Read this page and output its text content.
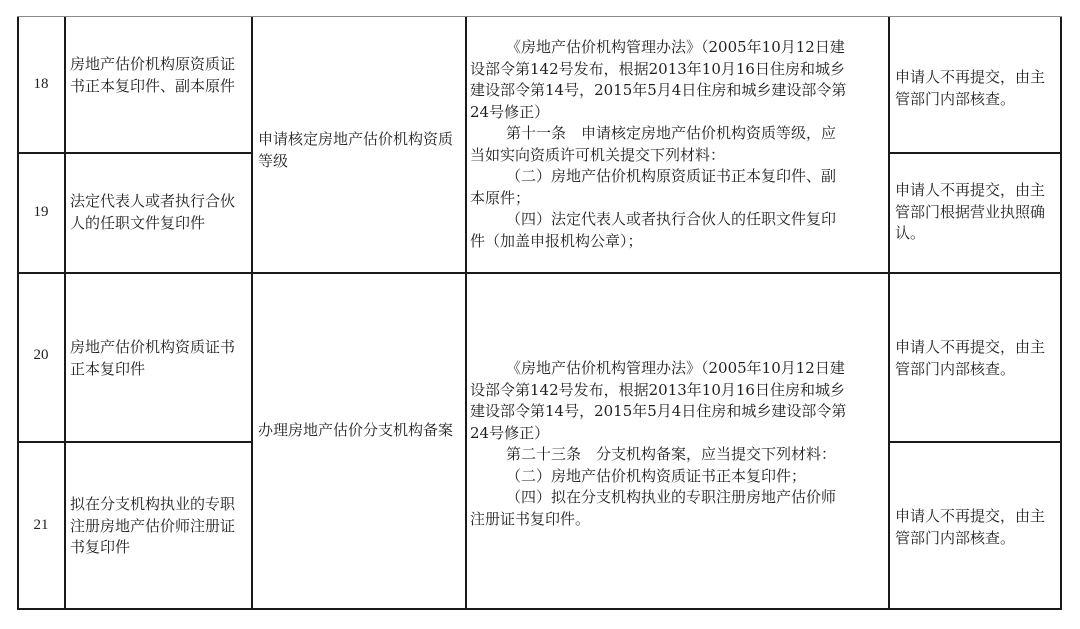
18
房地产估价机构原资质证书正本复印件、副本原件	申请人不再提交，由主管部门内部核查。
19
法定代表人或者执行合伙人的任职文件复印件
申请人不再提交，由主管部门根据营业执照确认。
申请核定房地产估价机构资质等级
《房地产估价机构管理办法》（2005年10月12日建
设部令第142号发布，根据2013年10月16日住房和城乡
建设部令第14号，2015年5月4日住房和城乡建设部令第
24号修正）
第十一条　申请核定房地产估价机构资质等级，应
当如实向资质许可机关提交下列材料：
（二）房地产估价机构原资质证书正本复印件、副
本原件；
（四）法定代表人或者执行合伙人的任职文件复印
件（加盖申报机构公章）；
20	房地产估价机构资质证书正本复印件
申请人不再提交，由主管部门内部核查。
21
拟在分支机构执业的专职注册房地产估价师注册证书复印件
申请人不再提交，由主管部门内部核查。
办理房地产估价分支机构备案
《房地产估价机构管理办法》（2005年10月12日建
设部令第142号发布，根据2013年10月16日住房和城乡
建设部令第14号，2015年5月4日住房和城乡建设部令第
24号修正）
第二十三条　分支机构备案，应当提交下列材料：
（二）房地产估价机构资质证书正本复印件；
（四）拟在分支机构执业的专职注册房地产估价师
注册证书复印件。
